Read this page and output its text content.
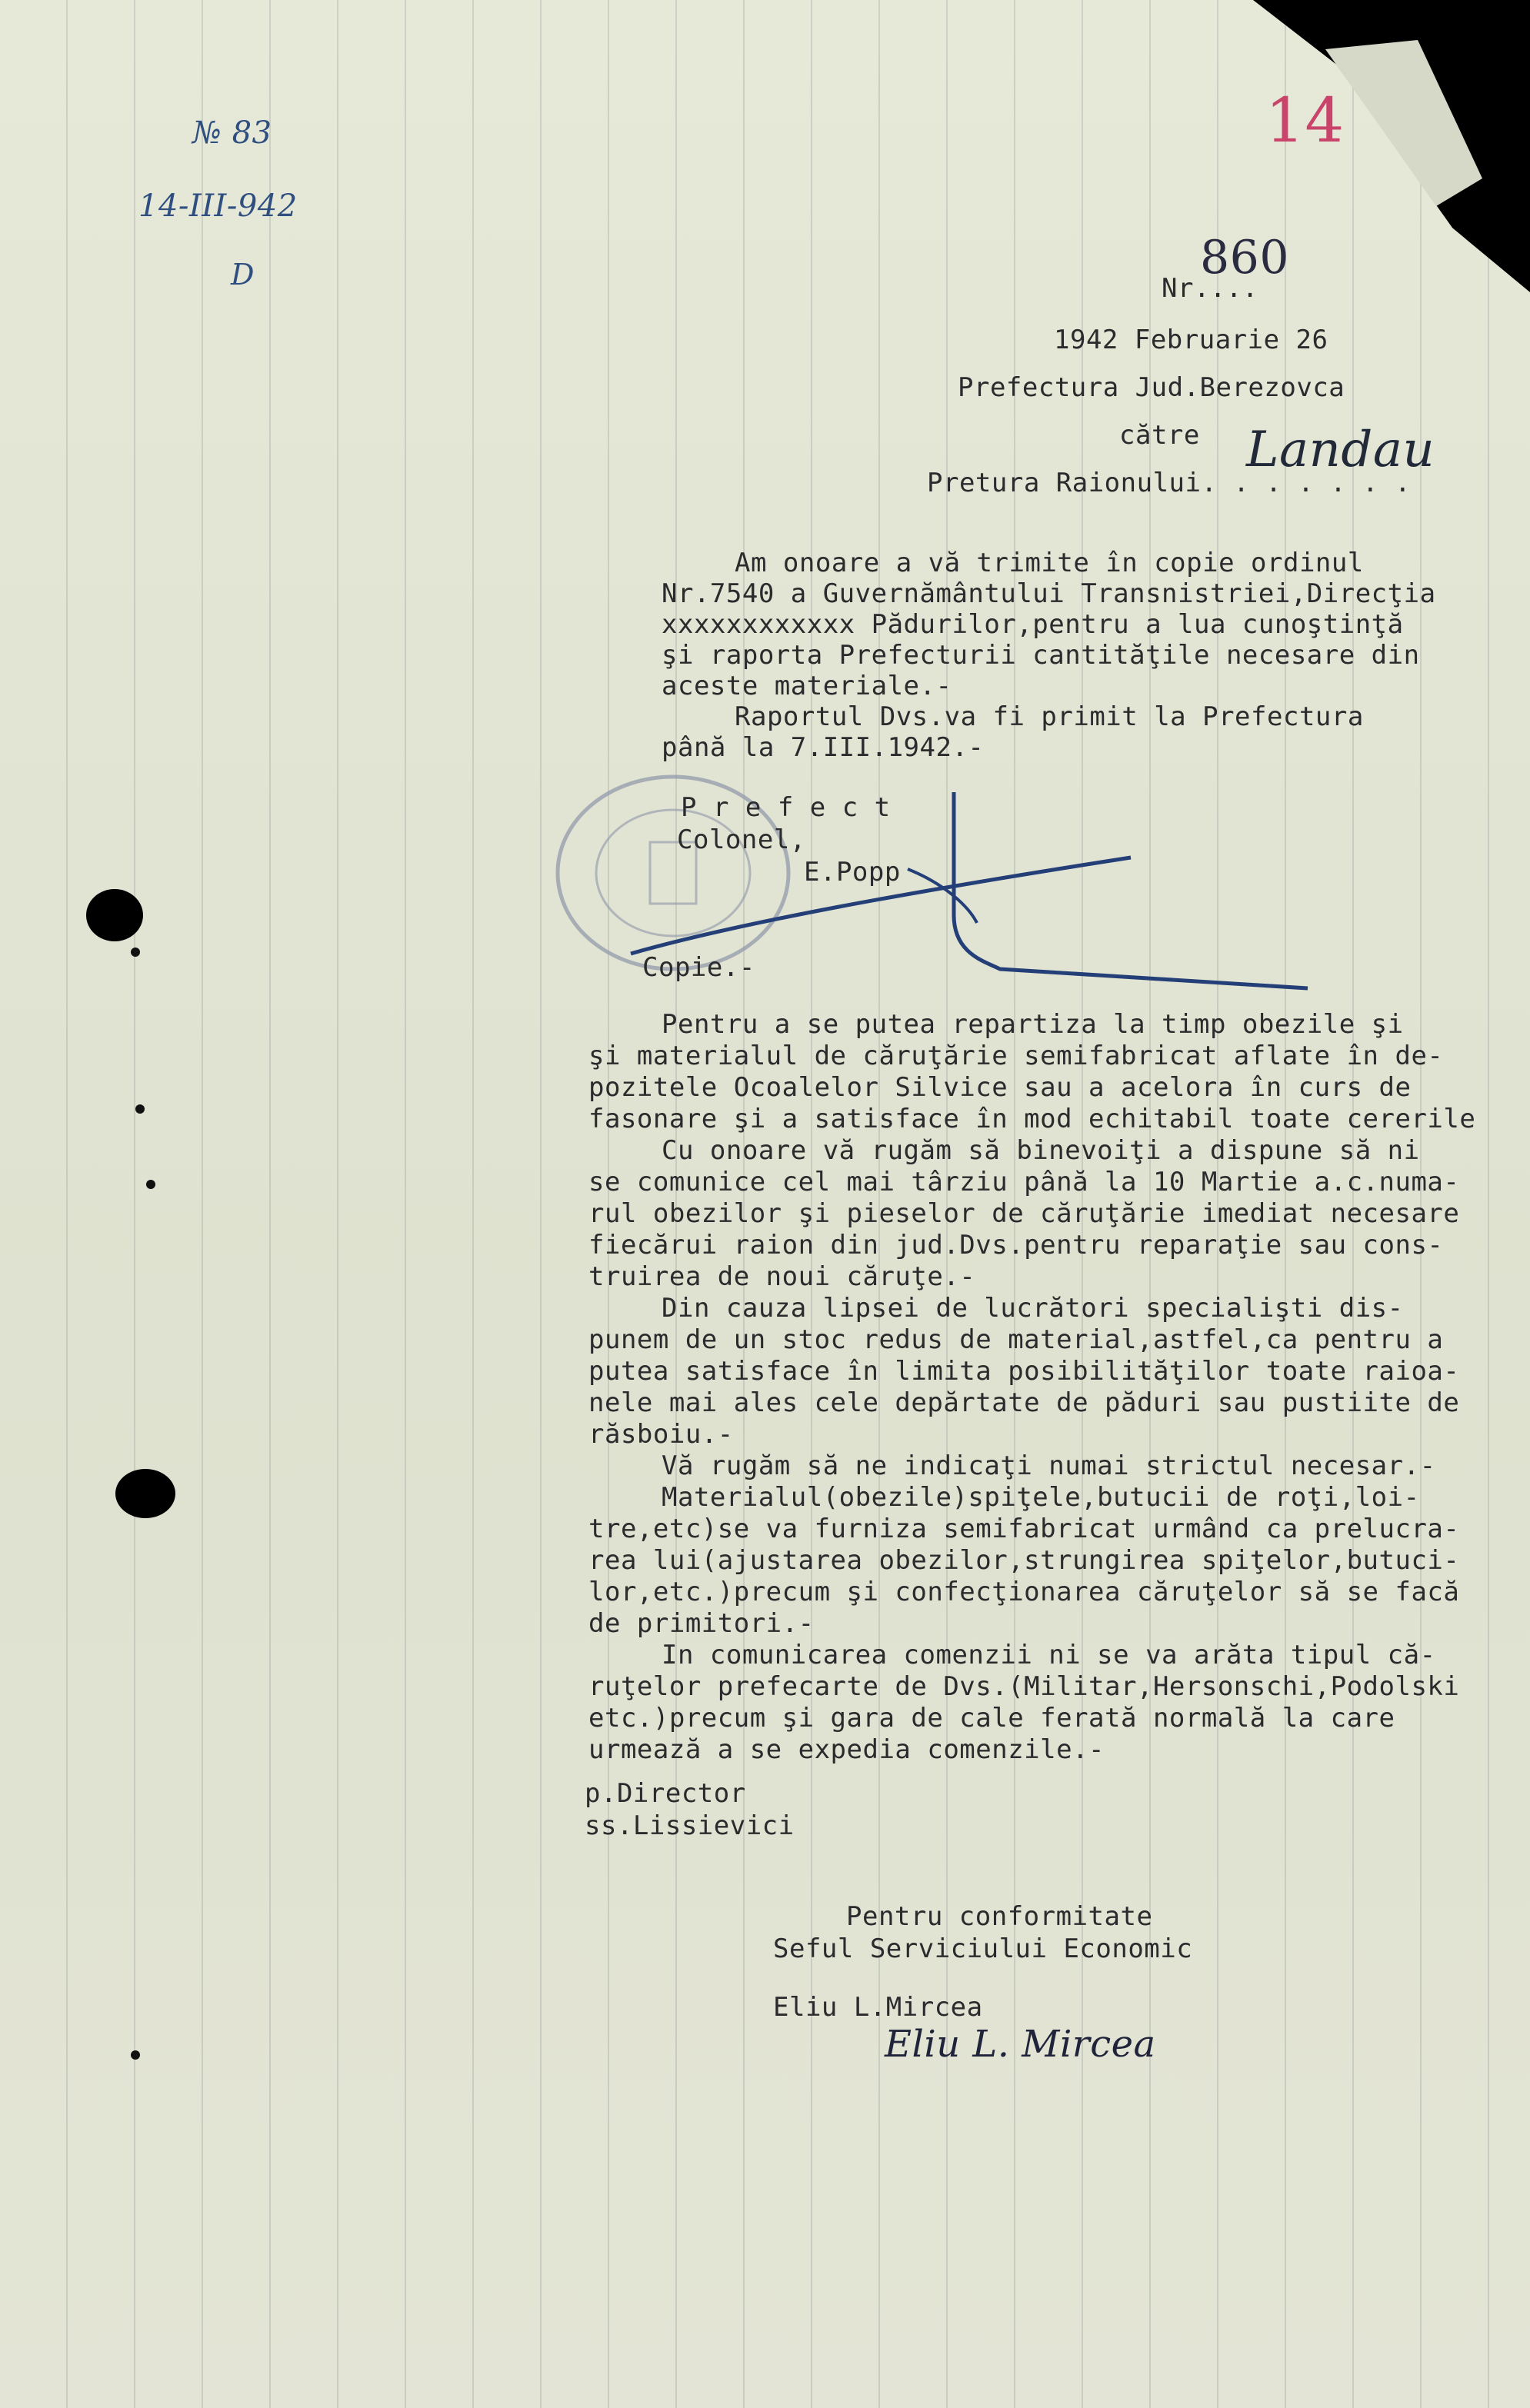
№ 83
14-III-942
D
14
Nr....
860
1942 Februarie 26
Prefectura Jud.Berezovca
către Landau
Pretura Raionului. . . . . . .
Am onoare a vă trimite în copie ordinul
Nr.7540 a Guvernământului Transnistriei,Direcţia
xxxxxxxxxxxx Pădurilor,pentru a lua cunoştinţă
şi raporta Prefecturii cantităţile necesare din
aceste materiale.-
Raportul Dvs.va fi primit la Prefectura
până la 7.III.1942.-
P r e f e c t
Colonel,
E.Popp
Copie.-
Pentru a se putea repartiza la timp obezile şi
şi materialul de căruţărie semifabricat aflate în de-
pozitele Ocoalelor Silvice sau a acelora în curs de
fasonare şi a satisface în mod echitabil toate cererile
Cu onoare vă rugăm să binevoiţi a dispune să ni
se comunice cel mai târziu până la 10 Martie a.c.numa-
rul obezilor şi pieselor de căruţărie imediat necesare
fiecărui raion din jud.Dvs.pentru reparaţie sau cons-
truirea de noui căruţe.-
Din cauza lipsei de lucrători specialişti dis-
punem de un stoc redus de material,astfel,ca pentru a
putea satisface în limita posibilităţilor toate raioa-
nele mai ales cele depărtate de păduri sau pustiite de
răsboiu.-
Vă rugăm să ne indicaţi numai strictul necesar.-
Materialul(obezile)spiţele,butucii de roţi,loi-
tre,etc)se va furniza semifabricat urmând ca prelucra-
rea lui(ajustarea obezilor,strungirea spiţelor,butuci-
lor,etc.)precum şi confecţionarea căruţelor să se facă
de primitori.-
In comunicarea comenzii ni se va arăta tipul că-
ruţelor prefecarte de Dvs.(Militar,Hersonschi,Podolski
etc.)precum şi gara de cale ferată normală la care
urmează a se expedia comenzile.-
p.Director
ss.Lissievici
Pentru conformitate
Seful Serviciului Economic
Eliu L.Mircea
Eliu L. Mircea
